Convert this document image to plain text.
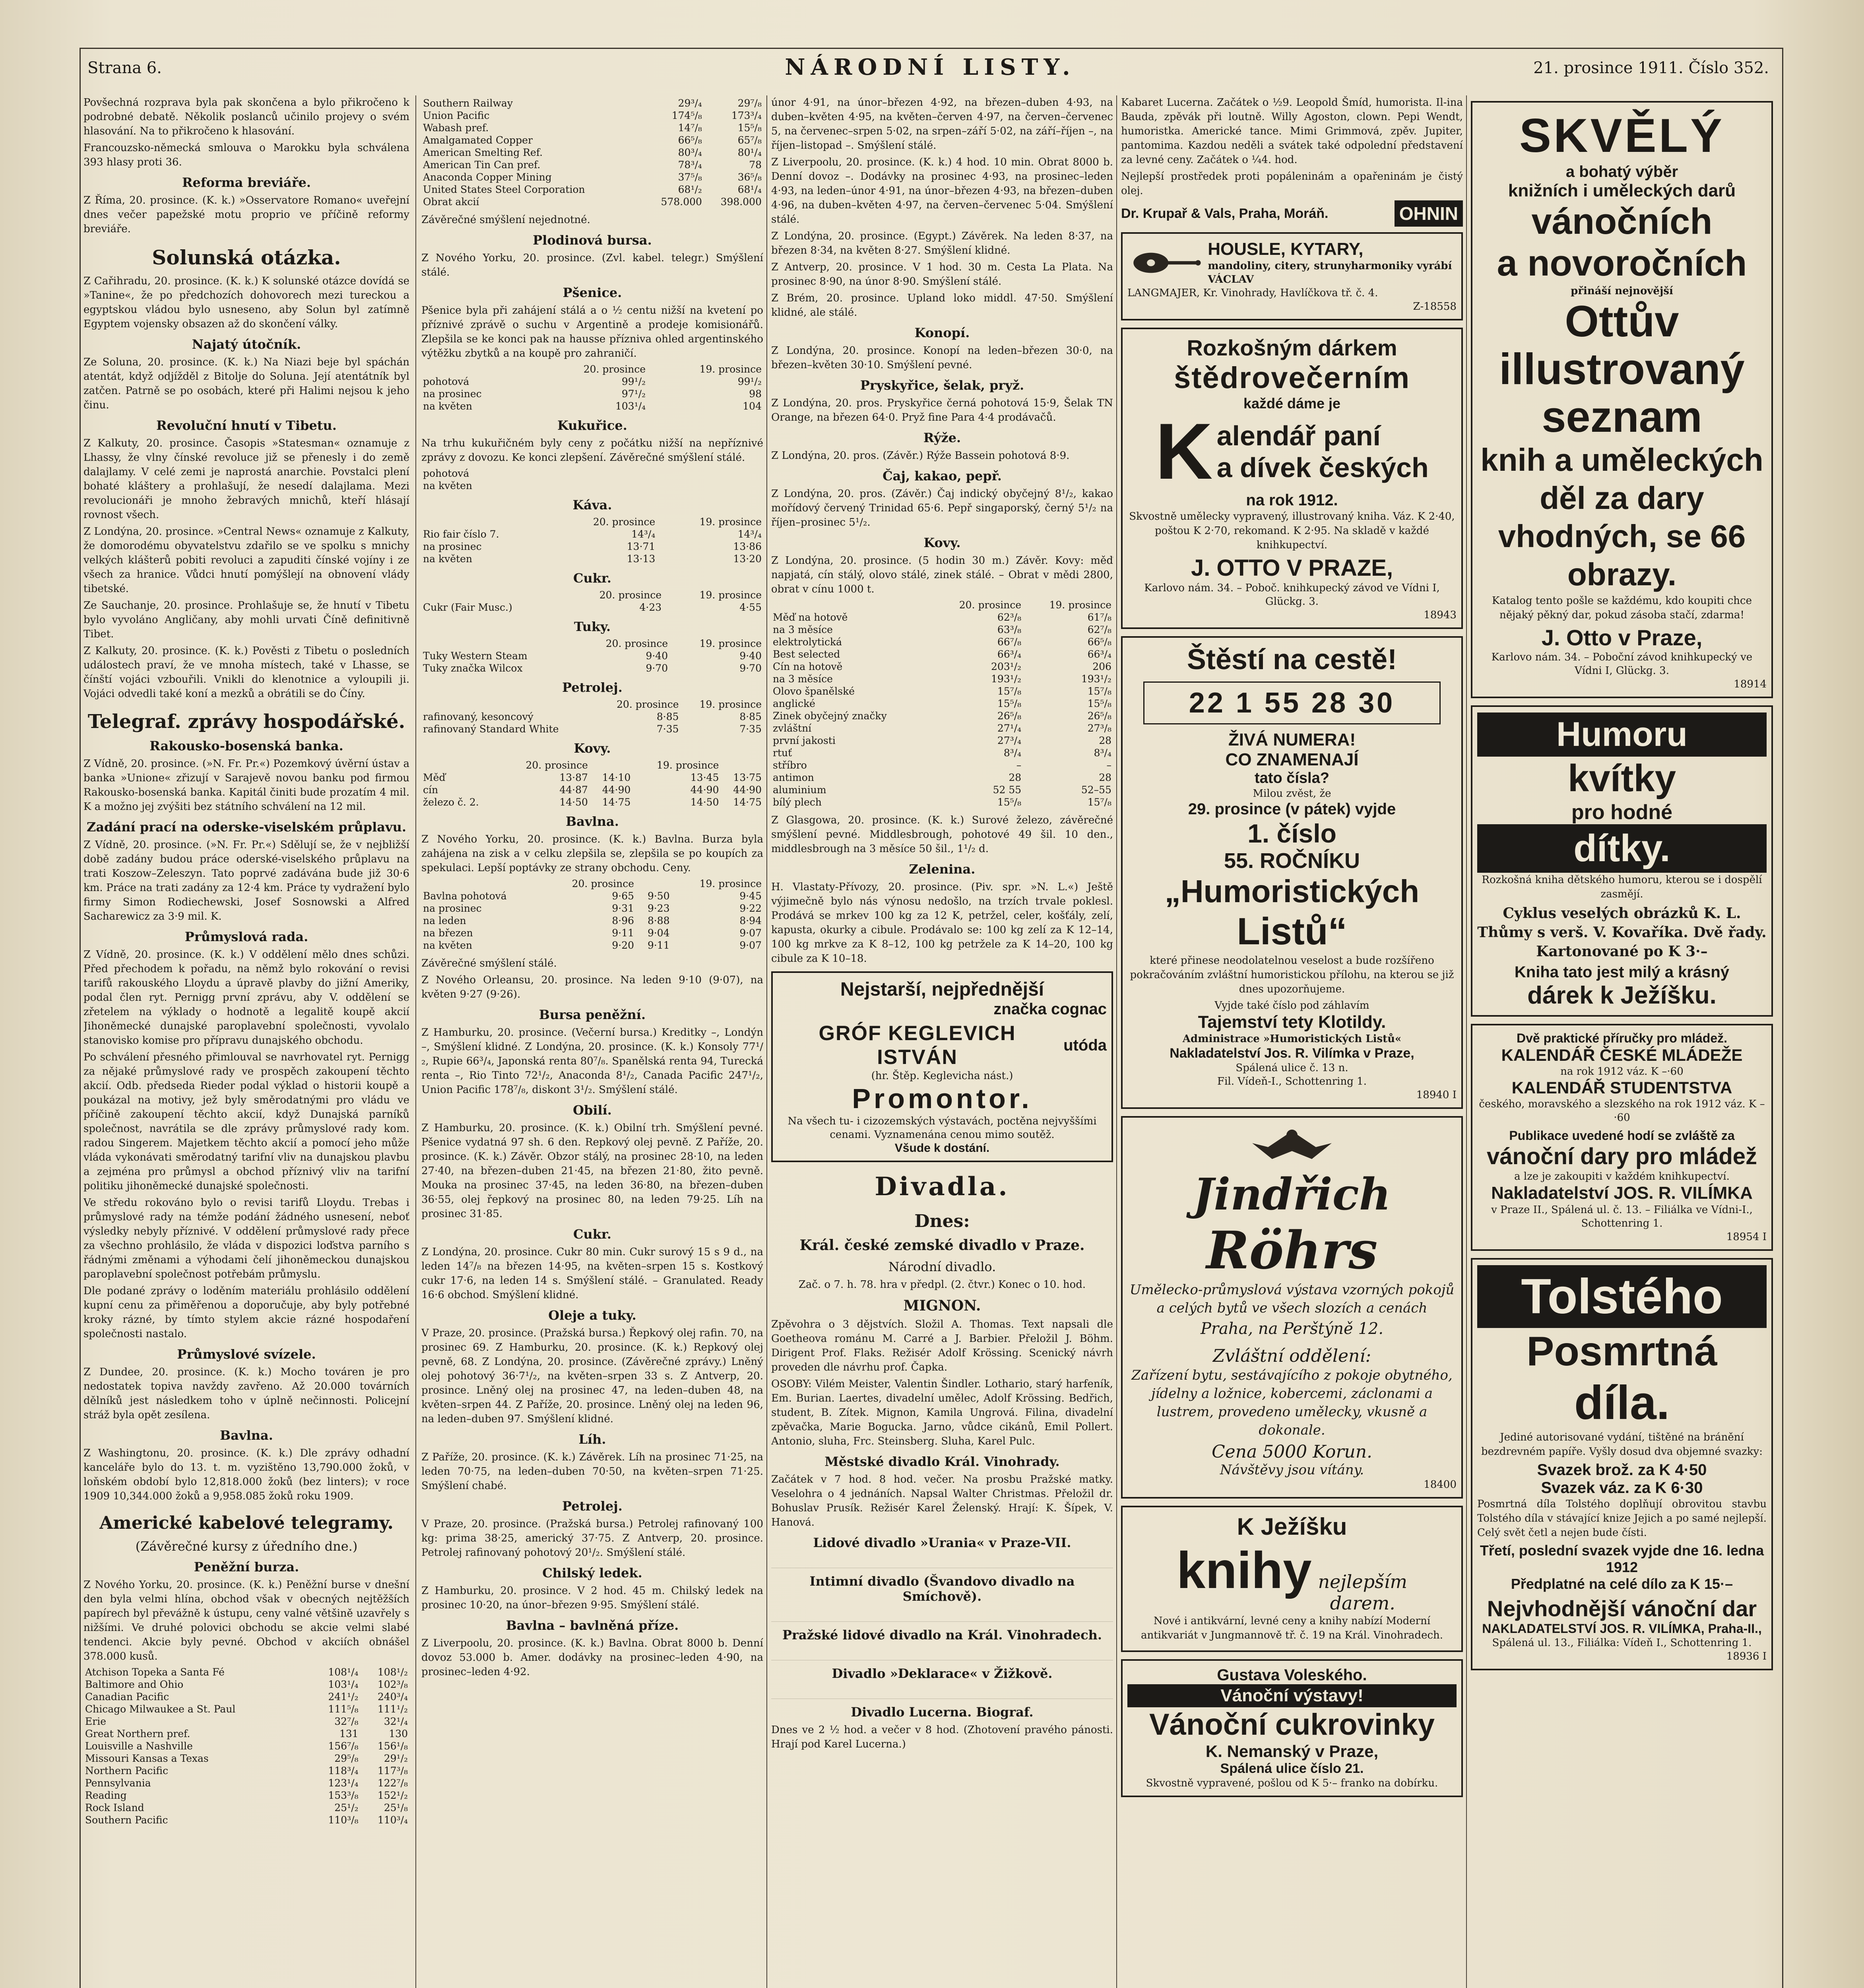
Strana 6.	NÁRODNÍ LISTY.	21. prosince 1911. Číslo 352.

Povšechná rozprava byla pak skončena a bylo přikročeno k podrobné debatě. Několik poslanců učinilo projevy o svém hlasování. Na to přikročeno k hlasování.

Francouzsko-německá smlouva o Marokku byla schválena 393 hlasy proti 36.

Reforma breviáře.

Z Říma, 20. prosince. (K. k.) »Osservatore Romano« uveřejní dnes večer papežské motu proprio ve příčině reformy breviáře.

Solunská otázka.

Z Cařihradu, 20. prosince. (K. k.) K solunské otázce dovídá se »Tanine«, že po předchozích dohovorech mezi tureckou a egyptskou vládou bylo usneseno, aby Solun byl zatímně Egyptem vojensky obsazen až do skončení války.

Najatý útočník.

Ze Soluna, 20. prosince. (K. k.) Na Niazi beje byl spáchán atentát, když odjížděl z Bitolje do Soluna. Její atentátník byl zatčen. Patrně se po osobách, které při Halimi nejsou k jeho činu.

Revoluční hnutí v Tibetu.

Z Kalkuty, 20. prosince. Časopis »Statesman« oznamuje z Lhassy, že vlny čínské revoluce již se přenesly i do země dalajlamy. V celé zemi je naprostá anarchie. Povstalci plení bohaté kláštery a prohlašují, že nesedí dalajlama. Mezi revolucionáři je mnoho žebravých mnichů, kteří hlásají rovnost všech.

Z Londýna, 20. prosince. »Central News« oznamuje z Kalkuty, že domorodému obyvatelstvu zdařilo se ve spolku s mnichy velkých klášterů pobiti revoluci a zapuditi čínské vojíny i ze všech za hranice. Vůdci hnutí pomýšlejí na obnovení vlády tibetské.

Ze Sauchanje, 20. prosince. Prohlašuje se, že hnutí v Tibetu bylo vyvoláno Angličany, aby mohli urvati Číně definitivně Tibet.

Z Kalkuty, 20. prosince. (K. k.) Pověsti z Tibetu o posledních událostech praví, že ve mnoha místech, také v Lhasse, se čínští vojáci vzbouřili. Vnikli do klenotnice a vyloupili ji. Vojáci odvedli také koní a mezků a obrátili se do Číny.

Telegraf. zprávy hospodářské.
Rakousko-bosenská banka.

Z Vídně, 20. prosince. (»N. Fr. Pr.«) Pozemkový úvěrní ústav a banka »Unione« zřizují v Sarajevě novou banku pod firmou Rakousko-bosenská banka. Kapitál činiti bude prozatím 4 mil. K a možno jej zvýšiti bez státního schválení na 12 mil.

Zadání prací na oderske-viselském průplavu.

Z Vídně, 20. prosince. (»N. Fr. Pr.«) Sdělují se, že v nejbližší době zadány budou práce oderské-viselského průplavu na trati Koszow–Zeleszyn. Tato poprvé zadávána bude již 30·6 km. Práce na trati zadány za 12·4 km. Práce ty vydražení bylo firmy Simon Rodiechewski, Josef Sosnowski a Alfred Sacharewicz za 3·9 mil. K.

Průmyslová rada.

Z Vídně, 20. prosince. (K. k.) V oddělení mělo dnes schůzi. Před přechodem k pořadu, na němž bylo rokování o revisi tarifů rakouského Lloydu a úpravě plavby do jižní Ameriky, podal člen ryt. Pernigg první zprávu, aby V. oddělení se zřetelem na výklady o hodnotě a legalitě koupě akcií Jihoněmecké dunajské paroplavební společnosti, vyvolalo stanovisko komise pro přípravu dunajského obchodu.

Po schválení přesného přimlouval se navrhovatel ryt. Pernigg za nějaké průmyslové rady ve prospěch zakoupení těchto akcií. Odb. předseda Rieder podal výklad o historii koupě a poukázal na motivy, jež byly směrodatnými pro vládu ve příčině zakoupení těchto akcií, když Dunajská parníků společnost, navrátila se dle zprávy průmyslové rady kom. radou Singerem. Majetkem těchto akcií a pomocí jeho může vláda vykonávati směrodatný tarifní vliv na dunajskou plavbu a zejména pro průmysl a obchod příznivý vliv na tarifní politiku jihoněmecké dunajské společnosti.

Ve středu rokováno bylo o revisi tarifů Lloydu. Trebas i průmyslové rady na témže podání žádného usnesení, neboť výsledky nebyly příznivé. V oddělení průmyslové rady přece za všechno prohlásilo, že vláda v dispozici loďstva parního s řádnými změnami a výhodami čelí jihoněmeckou dunajskou paroplavební společnost potřebám průmyslu.

Dle podané zprávy o loděním materiálu prohlásilo oddělení kupní cenu za přiměřenou a doporučuje, aby byly potřebné kroky rázné, by tímto stylem akcie rázné hospodaření společnosti nastalo.

Průmyslové svízele.

Z Dundee, 20. prosince. (K. k.) Mocho továren je pro nedostatek topiva navždy zavřeno. Až 20.000 továrních dělníků jest následkem toho v úplně nečinnosti. Policejní stráž byla opět zesílena.

Bavlna.

Z Washingtonu, 20. prosince. (K. k.) Dle zprávy odhadní kanceláře bylo do 13. t. m. vyzištěno 13,790.000 žoků, v loňském období bylo 12,818.000 žoků (bez linters); v roce 1909 10,344.000 žoků a 9,958.085 žoků roku 1909.

Americké kabelové telegramy.
(Závěrečné kursy z úředního dne.)
Peněžní burza.

Z Nového Yorku, 20. prosince. (K. k.) Peněžní burse v dnešní den byla velmi hlína, obchod však v obecných nejtěžších papírech byl převážně k ústupu, ceny valné většině uzavřely s nižšími. Ve druhé polovici obchodu se akcie velmi slabé tendenci. Akcie byly pevné. Obchod v akciích obnášel 378.000 kusů.

Atchison Topeka a Santa Fé	108¹/₄	108¹/₂
Baltimore and Ohio	103¹/₄	102³/₈
Canadian Pacific	241¹/₂	240³/₄
Chicago Milwaukee a St. Paul	111⁵/₈	111¹/₂
Erie	32⁷/₈	32¹/₄
Great Northern pref.	131	130
Louisville a Nashville	156⁷/₈	156¹/₈
Missouri Kansas a Texas	29⁵/₈	29¹/₂
Northern Pacific	118³/₄	117³/₈
Pennsylvania	123¹/₄	122⁷/₈
Reading	153³/₈	152¹/₂
Rock Island	25¹/₂	25¹/₈
Southern Pacific	110³/₈	110³/₄
Southern Railway	29³/₄	29⁷/₈
Union Pacific	174⁵/₈	173³/₄
Wabash pref.	14⁷/₈	15⁵/₈
Amalgamated Copper	66⁵/₈	65⁷/₈
American Smelting Ref.	80³/₄	80¹/₄
American Tin Can pref.	78³/₄	78
Anaconda Copper Mining	37⁵/₈	36⁵/₈
United States Steel Corporation	68¹/₂	68¹/₄
Obrat akcií	578.000	398.000

Závěrečné smýšlení nejednotné.

Plodinová bursa.

Z Nového Yorku, 20. prosince. (Zvl. kabel. telegr.) Smýšlení stálé.

Pšenice.

Pšenice byla při zahájení stálá a o ½ centu nižší na kvetení po příznivé zprávě o suchu v Argentině a prodeje komisionářů. Zlepšila se ke konci pak na hausse přízniva ohled argentinského výtěžku zbytků a na koupě pro zahraničí.

	20. prosince	19. prosince
pohotová	99¹/₂	99¹/₂
na prosinec	97¹/₂	98
na květen	103¹/₄	104
Kukuřice.

Na trhu kukuřičném byly ceny z počátku nižší na nepříznivé zprávy z dovozu. Ke konci zlepšení. Závěrečné smýšlení stálé.

pohotová		
na květen		
Káva.
	20. prosince	19. prosince
Rio fair číslo 7.	14³/₄	14³/₄
na prosinec	13·71	13·86
na květen	13·13	13·20
Cukr.
	20. prosince	19. prosince
Cukr (Fair Musc.)	4·23	4·55
Tuky.
	20. prosince	19. prosince
Tuky Western Steam	9·40	9·40
Tuky značka Wilcox	9·70	9·70
Petrolej.
	20. prosince	19. prosince
rafinovaný, kesoncový	8·85	8·85
rafinovaný Standard White	7·35	7·35
Kovy.
	20. prosince		19. prosince	
Měď	13·87	14·10	13·45	13·75
cín	44·87	44·90	44·90	44·90
železo č. 2.	14·50	14·75	14·50	14·75
Bavlna.

Z Nového Yorku, 20. prosince. (K. k.) Bavlna. Burza byla zahájena na zisk a v celku zlepšila se, zlepšila se po koupích za spekulaci. Lepší poptávky ze strany obchodu. Ceny.

	20. prosince		19. prosince
Bavlna pohotová	9·65	9·50	9·45
na prosinec	9·31	9·23	9·22
na leden	8·96	8·88	8·94
na březen	9·11	9·04	9·07
na květen	9·20	9·11	9·07

Závěrečné smýšlení stálé.

Z Nového Orleansu, 20. prosince. Na leden 9·10 (9·07), na květen 9·27 (9·26).

Bursa peněžní.

Z Hamburku, 20. prosince. (Večerní bursa.) Kreditky –, Londýn –, Smýšlení klidné. Z Londýna, 20. prosince. (K. k.) Konsoly 77¹/₂, Rupie 66³/₄, Japonská renta 80⁷/₈. Spanělská renta 94, Turecká renta –, Rio Tinto 72¹/₂, Anaconda 8¹/₂, Canada Pacific 247¹/₂, Union Pacific 178⁷/₈, diskont 3¹/₂. Smýšlení stálé.

Obilí.

Z Hamburku, 20. prosince. (K. k.) Obilní trh. Smýšlení pevné. Pšenice vydatná 97 sh. 6 den. Repkový olej pevně. Z Paříže, 20. prosince. (K. k.) Závěr. Obzor stálý, na prosinec 28·10, na leden 27·40, na březen–duben 21·45, na březen 21·80, žito pevně. Mouka na prosinec 37·45, na leden 36·80, na březen–duben 36·55, olej řepkový na prosinec 80, na leden 79·25. Líh na prosinec 31·85.

Cukr.

Z Londýna, 20. prosince. Cukr 80 min. Cukr surový 15 s 9 d., na leden 14⁷/₈ na březen 14·95, na květen–srpen 15 s. Kostkový cukr 17·6, na leden 14 s. Smýšlení stálé. – Granulated. Ready 16·6 obchod. Smýšlení klidné.

Oleje a tuky.

V Praze, 20. prosince. (Pražská bursa.) Řepkový olej rafin. 70, na prosinec 69. Z Hamburku, 20. prosince. (K. k.) Repkový olej pevně, 68. Z Londýna, 20. prosince. (Závěrečné zprávy.) Lněný olej pohotový 36·7¹/₂, na květen–srpen 33 s. Z Antverp, 20. prosince. Lněný olej na prosinec 47, na leden–duben 48, na květen–srpen 44. Z Paříže, 20. prosince. Lněný olej na leden 96, na leden–duben 97. Smýšlení klidné.

Líh.

Z Paříže, 20. prosince. (K. k.) Závěrek. Líh na prosinec 71·25, na leden 70·75, na leden–duben 70·50, na květen–srpen 71·25. Smýšlení chabé.

Petrolej.

V Praze, 20. prosince. (Pražská bursa.) Petrolej rafinovaný 100 kg: prima 38·25, americký 37·75. Z Antverp, 20. prosince. Petrolej rafinovaný pohotový 20¹/₂. Smýšlení stálé.

Chilský ledek.

Z Hamburku, 20. prosince. V 2 hod. 45 m. Chilský ledek na prosinec 10·20, na únor–březen 9·95. Smýšlení stálé.

Bavlna – bavlněná příze.

Z Liverpoolu, 20. prosince. (K. k.) Bavlna. Obrat 8000 b. Denní dovoz 53.000 b. Amer. dodávky na prosinec–leden 4·90, na prosinec–leden 4·92.

únor 4·91, na únor–březen 4·92, na březen–duben 4·93, na duben–květen 4·95, na květen–červen 4·97, na červen–červenec 5, na červenec–srpen 5·02, na srpen–září 5·02, na září–říjen –, na říjen–listopad –. Smýšlení stálé.

Z Liverpoolu, 20. prosince. (K. k.) 4 hod. 10 min. Obrat 8000 b. Denní dovoz –. Dodávky na prosinec 4·93, na prosinec–leden 4·93, na leden–únor 4·91, na únor–březen 4·93, na březen–duben 4·96, na duben–květen 4·97, na červen–červenec 5·04. Smýšlení stálé.

Z Londýna, 20. prosince. (Egypt.) Závěrek. Na leden 8·37, na březen 8·34, na květen 8·27. Smýšlení klidné.

Z Antverp, 20. prosince. V 1 hod. 30 m. Cesta La Plata. Na prosinec 8·90, na únor 8·90. Smýšlení stálé.

Z Brém, 20. prosince. Upland loko middl. 47·50. Smýšlení klidné, ale stálé.

Konopí.

Z Londýna, 20. prosince. Konopí na leden–březen 30·0, na březen–květen 30·10. Smýšlení pevné.

Pryskyřice, šelak, pryž.

Z Londýna, 20. pros. Pryskyřice černá pohotová 15·9, Šelak TN Orange, na březen 64·0. Pryž fine Para 4·4 prodávačů.

Rýže.

Z Londýna, 20. pros. (Závěr.) Rýže Bassein pohotová 8·9.

Čaj, kakao, pepř.

Z Londýna, 20. pros. (Závěr.) Čaj indický obyčejný 8¹/₂, kakao mořídový červený Trinidad 65·6. Pepř singaporský, černý 5¹/₂ na říjen–prosinec 5¹/₂.

Kovy.

Z Londýna, 20. prosince. (5 hodin 30 m.) Závěr. Kovy: měď napjatá, cín stálý, olovo stálé, zinek stálé. – Obrat v mědi 2800, obrat v cínu 1000 t.

	20. prosince	19. prosince
Měď na hotově	62³/₈	61⁷/₈
na 3 měsíce	63³/₈	62⁷/₈
elektrolytická	66⁷/₈	66⁵/₈
Best selected	66³/₄	66³/₄
Cín na hotově	203¹/₂	206
na 3 měsíce	193¹/₂	193¹/₂
Olovo španělské	15⁷/₈	15⁷/₈
anglické	15⁵/₈	15⁵/₈
Zinek obyčejný značky	26⁵/₈	26⁵/₈
zvláštní	27¹/₄	27³/₈
první jakosti	27³/₄	28
rtuť	8³/₄	8³/₄
stříbro	–	–
antimon	28	28
aluminium	52 55	52–55
bílý plech	15⁵/₈	15⁷/₈

Z Glasgowa, 20. prosince. (K. k.) Surové železo, závěrečné smýšlení pevné. Middlesbrough, pohotové 49 šil. 10 den., middlesbrough na 3 měsíce 50 šil., 1¹/₂ d.

Zelenina.

H. Vlastaty-Přívozy, 20. prosince. (Piv. spr. »N. L.«) Ještě výjimečně bylo nás výnosu nedošlo, na trzích trvale poklesl. Prodává se mrkev 100 kg za 12 K, petržel, celer, košťály, zelí, kapusta, okurky a cibule. Prodávalo se: 100 kg zelí za K 12–14, 100 kg mrkve za K 8–12, 100 kg petržele za K 14–20, 100 kg cibule za K 10–18.

Nejstarší, nejpřednější
značka cognac
GRÓF KEGLEVICH ISTVÁN
utóda
(hr. Štěp. Keglevicha nást.)
Promontor.
Na všech tu- i cizozemských výstavách, poctěna nejvyššími cenami. Vyznamenána cenou mimo soutěž.
Všude k dostání.
Divadla.
Dnes:
Král. české zemské divadlo v Praze.
Národní divadlo.

Zač. o 7. h. 78. hra v předpl. (2. čtvr.) Konec o 10. hod.

MIGNON.

Zpěvohra o 3 dějstvích. Složil A. Thomas. Text napsali dle Goetheova románu M. Carré a J. Barbier. Přeložil J. Böhm. Dirigent Prof. Flaks. Režisér Adolf Krössing. Scenický návrh proveden dle návrhu prof. Čapka.

OSOBY: Vilém Meister, Valentin Šindler. Lothario, starý harfeník, Em. Burian. Laertes, divadelní umělec, Adolf Krössing. Bedřich, student, B. Zítek. Mignon, Kamila Ungrová. Filina, divadelní zpěvačka, Marie Bogucka. Jarno, vůdce cikánů, Emil Pollert. Antonio, sluha, Frc. Steinsberg. Sluha, Karel Pulc.

Městské divadlo Král. Vinohrady.

Začátek v 7 hod. 8 hod. večer. Na prosbu Pražské matky. Veselohra o 4 jednáních. Napsal Walter Christmas. Přeložil dr. Bohuslav Prusík. Režisér Karel Želenský. Hrají: K. Šípek, V. Hanová.

Lidové divadlo »Urania« v Praze-VII.
Intimní divadlo (Švandovo divadlo na Smíchově).
Pražské lidové divadlo na Král. Vinohradech.
Divadlo »Deklarace« v Žižkově.
Divadlo Lucerna. Biograf.

Dnes ve 2 ½ hod. a večer v 8 hod. (Zhotovení pravého pánosti. Hrají pod Karel Lucerna.)

Kabaret Lucerna. Začátek o ½9. Leopold Šmíd, humorista. Il-ina Bauda, zpěvák při loutně. Willy Agoston, clown. Pepi Wendt, humoristka. Americké tance. Mimi Grimmová, zpěv. Jupiter, pantomima. Kazdou neděli a svátek také odpolední představení za levné ceny. Začátek o ¼4. hod.

Nejlepší prostředek proti popáleninám a opařeninám je čistý olej.

Dr. Krupař & Vals, Praha, Moráň.	OHNIN
HOUSLE, KYTARY,
mandoliny, citery, strunyharmoniky vyrábí VÁCLAV
LANGMAJER, Kr. Vinohrady, Havlíčkova tř. č. 4.
Z-18558
Rozkošným dárkem
štědrovečerním
každé dáme je
K alendář paní
a dívek českých
na rok 1912.

Skvostně umělecky vypravený, illustrovaný kniha. Váz. K 2·40, poštou K 2·70, rekomand. K 2·95. Na skladě v každé knihkupectví.

J. OTTO V PRAZE,
Karlovo nám. 34. – Poboč. knihkupecký závod ve Vídni I, Glückg. 3.
18943
Štěstí na cestě!
22 1 55 28 30
ŽIVÁ NUMERA!
CO ZNAMENAJÍ
tato čísla?
Milou zvěst, že
29. prosince (v pátek) vyjde
1. číslo
55. ROČNÍKU
„Humoristických
Listů“

které přinese neodolatelnou veselost a bude rozšířeno pokračováním zvláštní humoristickou přílohu, na kterou se již dnes upozorňujeme.

Vyjde také číslo pod záhlavím
Tajemství tety Klotildy.
Administrace »Humoristických Listů«
Nakladatelství Jos. R. Vilímka v Praze,
Spálená ulice č. 13 n.
Fil. Vídeň-I., Schottenring 1.
18940 I
Jindřich
Röhrs

Umělecko-průmyslová výstava vzorných pokojů a celých bytů ve všech slozích a cenách

Praha, na Perštýně 12.
Zvláštní oddělení:

Zařízení bytu, sestávajícího z pokoje obytného, jídelny a ložnice, kobercemi, záclonami a lustrem, provedeno umělecky, vkusně a dokonale.

Cena 5000 Korun.
Návštěvy jsou vítány.
18400
K Ježíšku
knihy nejlepším
darem.

Nové i antikvární, levné ceny a knihy nabízí Moderní antikvariát v Jungmannově tř. č. 19 na Král. Vinohradech.

Gustava Voleského.
Vánoční výstavy!
Vánoční cukrovinky
K. Nemanský v Praze,
Spálená ulice číslo 21.
Skvostně vypravené, pošlou od K 5·– franko na dobírku.
SKVĚLÝ
a bohatý výběr
knižních i uměleckých darů
vánočních
a novoročních
přináší nejnovější
Ottův illustrovaný seznam
knih a uměleckých děl za dary vhodných, se 66 obrazy.

Katalog tento pošle se každému, kdo koupiti chce nějaký pěkný dar, pokud zásoba stačí, zdarma!

J. Otto v Praze,
Karlovo nám. 34. – Poboční závod knihkupecký ve Vídni I, Glückg. 3.
18914
Humoru
kvítky
pro hodné
dítky.

Rozkošná kniha dětského humoru, kterou se i dospělí zasmějí.

Cyklus veselých obrázků K. L. Thůmy s verš. V. Kovaříka. Dvě řady. Kartonované po K 3·–

Kniha tato jest milý a krásný
dárek k Ježíšku.
Dvě praktické příručky pro mládež.
KALENDÁŘ ČESKÉ MLÁDEŽE
na rok 1912 váz. K –·60
KALENDÁŘ STUDENTSTVA
českého, moravského a slezského na rok 1912 váz. K –·60
Publikace uvedené hodí se zvláště za
vánoční dary pro mládež
a lze je zakoupiti v každém knihkupectví.
Nakladatelství JOS. R. VILÍMKA
v Praze II., Spálená ul. č. 13. – Filiálka ve Vídni-I., Schottenring 1.
18954 I
Tolstého
Posmrtná
díla.

Jediné autorisované vydání, tištěné na bránění bezdrevném papíře. Vyšly dosud dva objemné svazky:

Svazek brož. za K 4·50
Svazek váz. za K 6·30

Posmrtná díla Tolstého doplňují obrovitou stavbu Tolstého díla v stávající knize Jejich a po samé nejlepší. Celý svět četl a nejen bude čísti.

Třetí, poslední svazek vyjde dne 16. ledna 1912
Předplatné na celé dílo za K 15·–
Nejvhodnější vánoční dar
NAKLADATELSTVÍ JOS. R. VILÍMKA, Praha-II.,
Spálená ul. 13., Filiálka: Vídeň I., Schottenring 1.
18936 I
